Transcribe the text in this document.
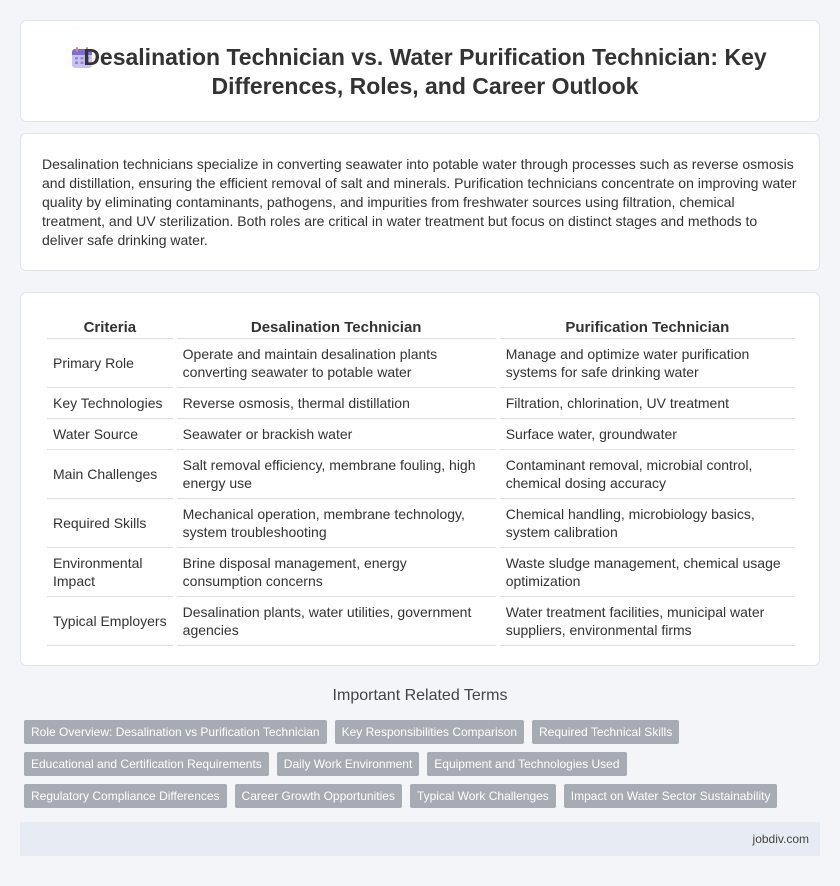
Desalination Technician vs. Water Purification Technician: Key Differences, Roles, and Career Outlook

Desalination technicians specialize in converting seawater into potable water through processes such as reverse osmosis and distillation, ensuring the efficient removal of salt and minerals. Purification technicians concentrate on improving water quality by eliminating contaminants, pathogens, and impurities from freshwater sources using filtration, chemical treatment, and UV sterilization. Both roles are critical in water treatment but focus on distinct stages and methods to deliver safe drinking water.

Criteria	Desalination Technician	Purification Technician
Primary Role	Operate and maintain desalination plants converting seawater to potable water	Manage and optimize water purification systems for safe drinking water
Key Technologies	Reverse osmosis, thermal distillation	Filtration, chlorination, UV treatment
Water Source	Seawater or brackish water	Surface water, groundwater
Main Challenges	Salt removal efficiency, membrane fouling, high energy use	Contaminant removal, microbial control, chemical dosing accuracy
Required Skills	Mechanical operation, membrane technology, system troubleshooting	Chemical handling, microbiology basics, system calibration
Environmental Impact	Brine disposal management, energy consumption concerns	Waste sludge management, chemical usage optimization
Typical Employers	Desalination plants, water utilities, government agencies	Water treatment facilities, municipal water suppliers, environmental firms
Important Related Terms
Role Overview: Desalination vs Purification Technician	Key Responsibilities Comparison	Required Technical Skills
Educational and Certification Requirements	Daily Work Environment	Equipment and Technologies Used
Regulatory Compliance Differences	Career Growth Opportunities	Typical Work Challenges	Impact on Water Sector Sustainability
jobdiv.com
